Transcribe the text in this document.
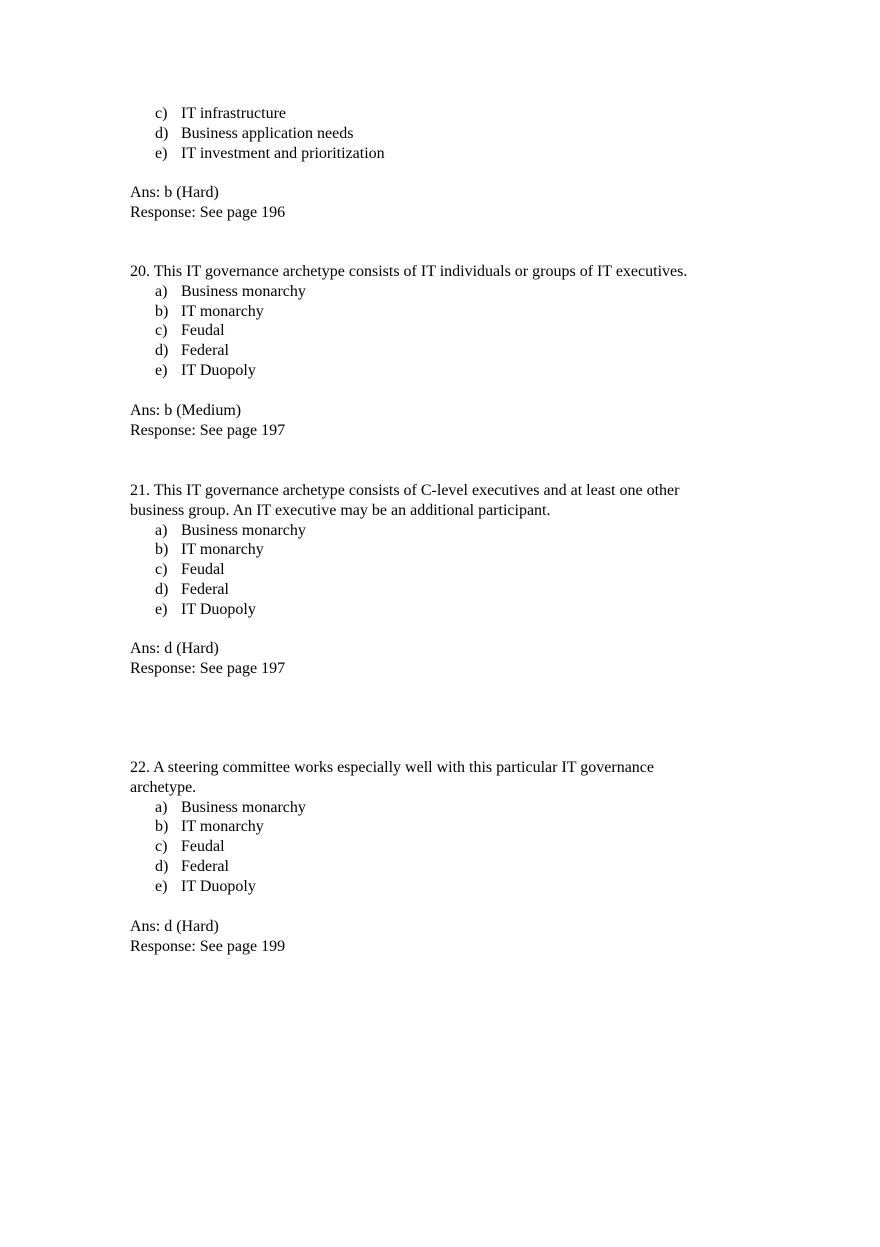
c) IT infrastructure
d) Business application needs
e) IT investment and prioritization

Ans: b (Hard)

Response: See page 196

20. This IT governance archetype consists of IT individuals or groups of IT executives.

a) Business monarchy
b) IT monarchy
c) Feudal
d) Federal
e) IT Duopoly

Ans: b (Medium)

Response: See page 197

21. This IT governance archetype consists of C-level executives and at least one other business group. An IT executive may be an additional participant.

a) Business monarchy
b) IT monarchy
c) Feudal
d) Federal
e) IT Duopoly

Ans: d (Hard)

Response: See page 197

22. A steering committee works especially well with this particular IT governance archetype.

a) Business monarchy
b) IT monarchy
c) Feudal
d) Federal
e) IT Duopoly

Ans: d (Hard)

Response: See page 199
